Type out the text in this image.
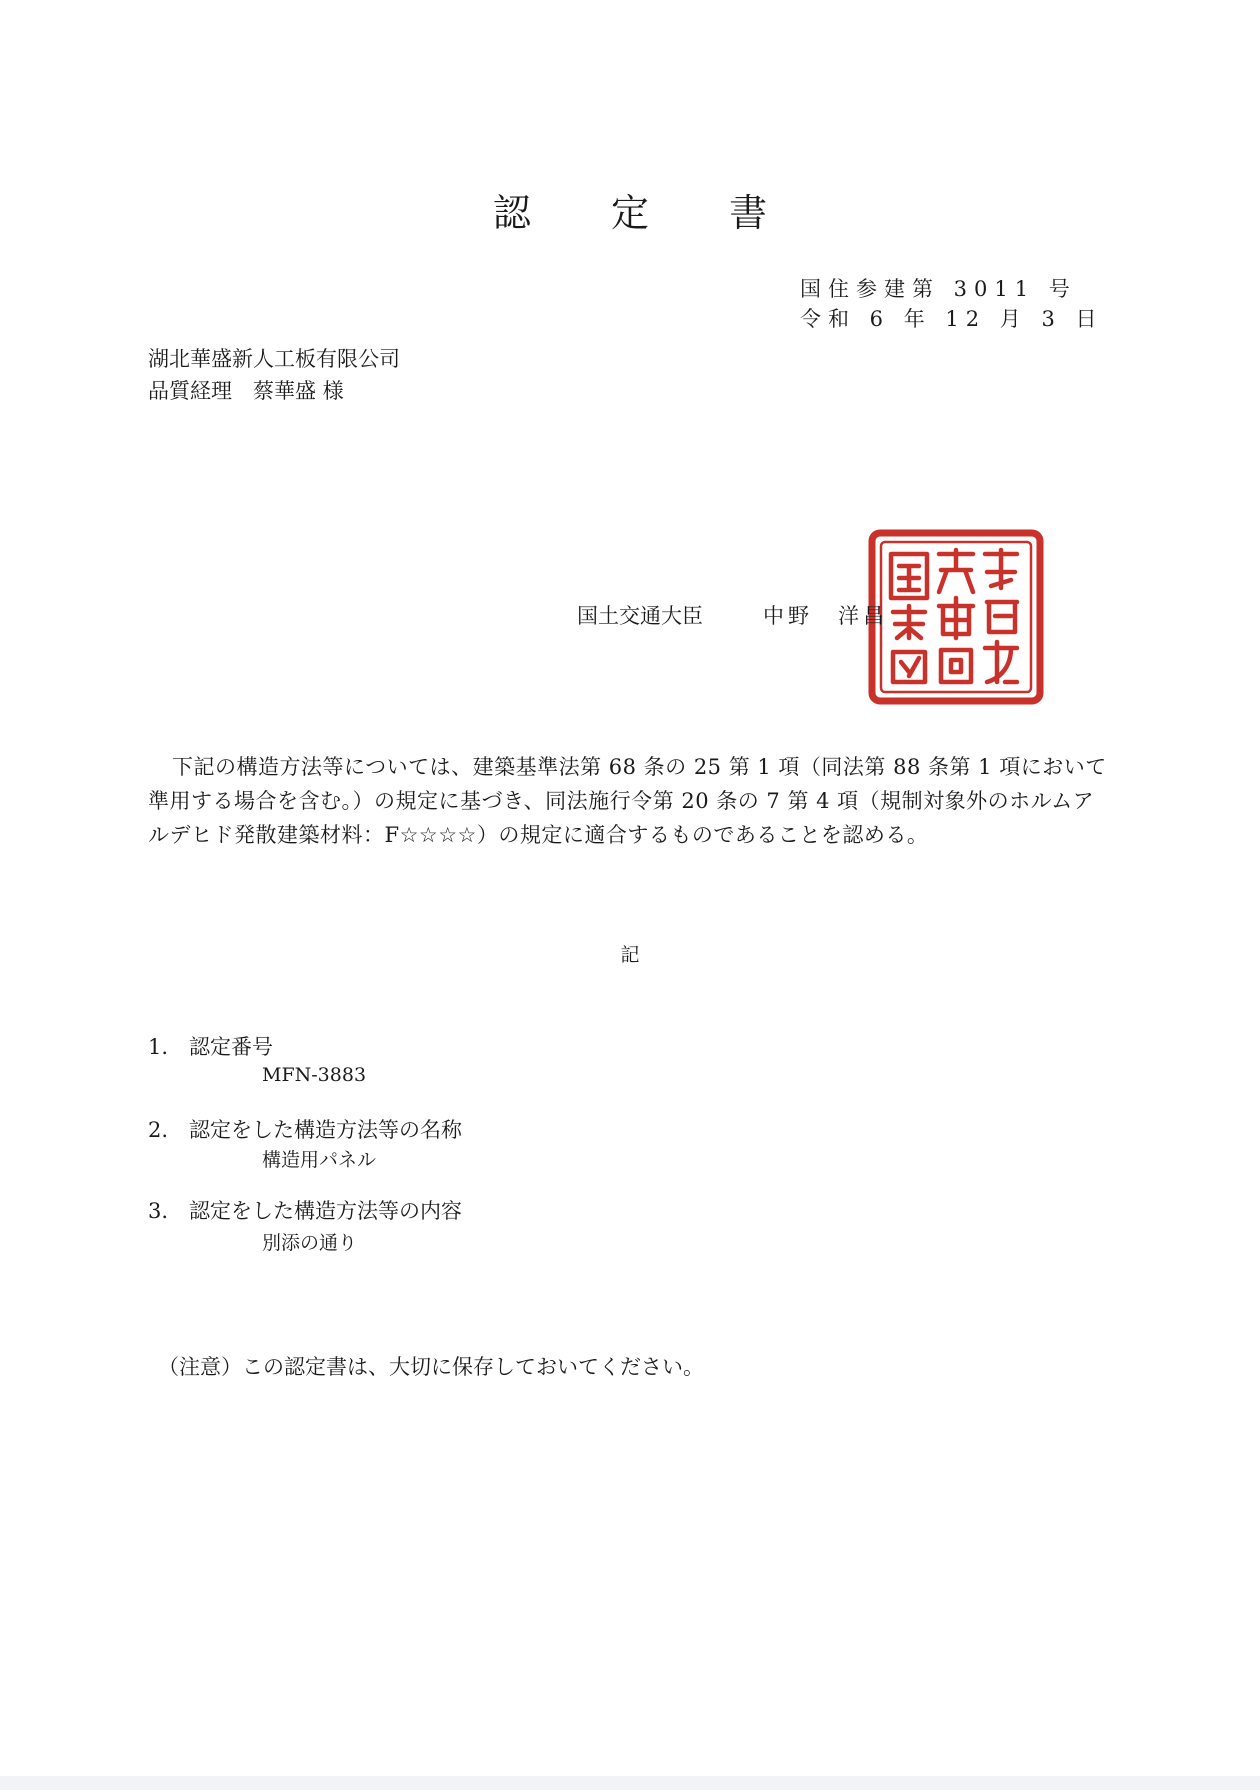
認 定 書
国住参建第 3011 号
令和 6 年 12 月 3 日
湖北華盛新人工板有限公司
品質経理　蔡華盛 様
国土交通大臣	中野　洋昌
下記の構造方法等については、建築基準法第 68 条の 25 第 1 項（同法第 88 条第 1 項において準用する場合を含む。）の規定に基づき、同法施行令第 20 条の 7 第 4 項（規制対象外のホルムアルデヒド発散建築材料：F☆☆☆☆）の規定に適合するものであることを認める。
記
1.　認定番号
MFN-3883
2.　認定をした構造方法等の名称
構造用パネル
3.　認定をした構造方法等の内容
別添の通り
（注意）この認定書は、大切に保存しておいてください。
